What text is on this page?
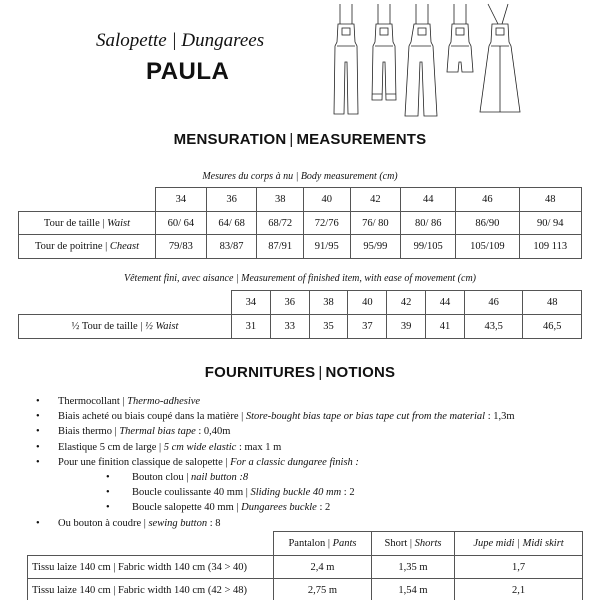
Salopette | Dungarees
PAULA
MENSURATION | MEASUREMENTS
Mesures du corps à nu | Body measurement (cm)
	34	36	38	40	42	44	46	48
Tour de taille | Waist	60/ 64	64/ 68	68/72	72/76	76/ 80	80/ 86	86/90	90/ 94
Tour de poitrine | Cheast	79/83	83/87	87/91	91/95	95/99	99/105	105/109	109 113
Vêtement fini, avec aisance | Measurement of finished item, with ease of movement (cm)
	34	36	38	40	42	44	46	48
½ Tour de taille | ½ Waist	31	33	35	37	39	41	43,5	46,5
FOURNITURES | NOTIONS
• Thermocollant | Thermo-adhesive
• Biais acheté ou biais coupé dans la matière | Store-bought bias tape or bias tape cut from the material : 1,3m
• Biais thermo | Thermal bias tape : 0,40m
• Elastique 5 cm de large | 5 cm wide elastic : max 1 m
• Pour une finition classique de salopette | For a classic dungaree finish :
• Bouton clou | nail button :8
• Boucle coulissante 40 mm | Sliding buckle 40 mm : 2
• Boucle salopette 40 mm | Dungarees buckle : 2
• Ou bouton à coudre | sewing button : 8
	Pantalon | Pants	Short | Shorts	Jupe midi | Midi skirt
Tissu laize 140 cm | Fabric width 140 cm (34 > 40)	2,4 m	1,35 m	1,7
Tissu laize 140 cm | Fabric width 140 cm (42 > 48)	2,75 m	1,54 m	2,1
